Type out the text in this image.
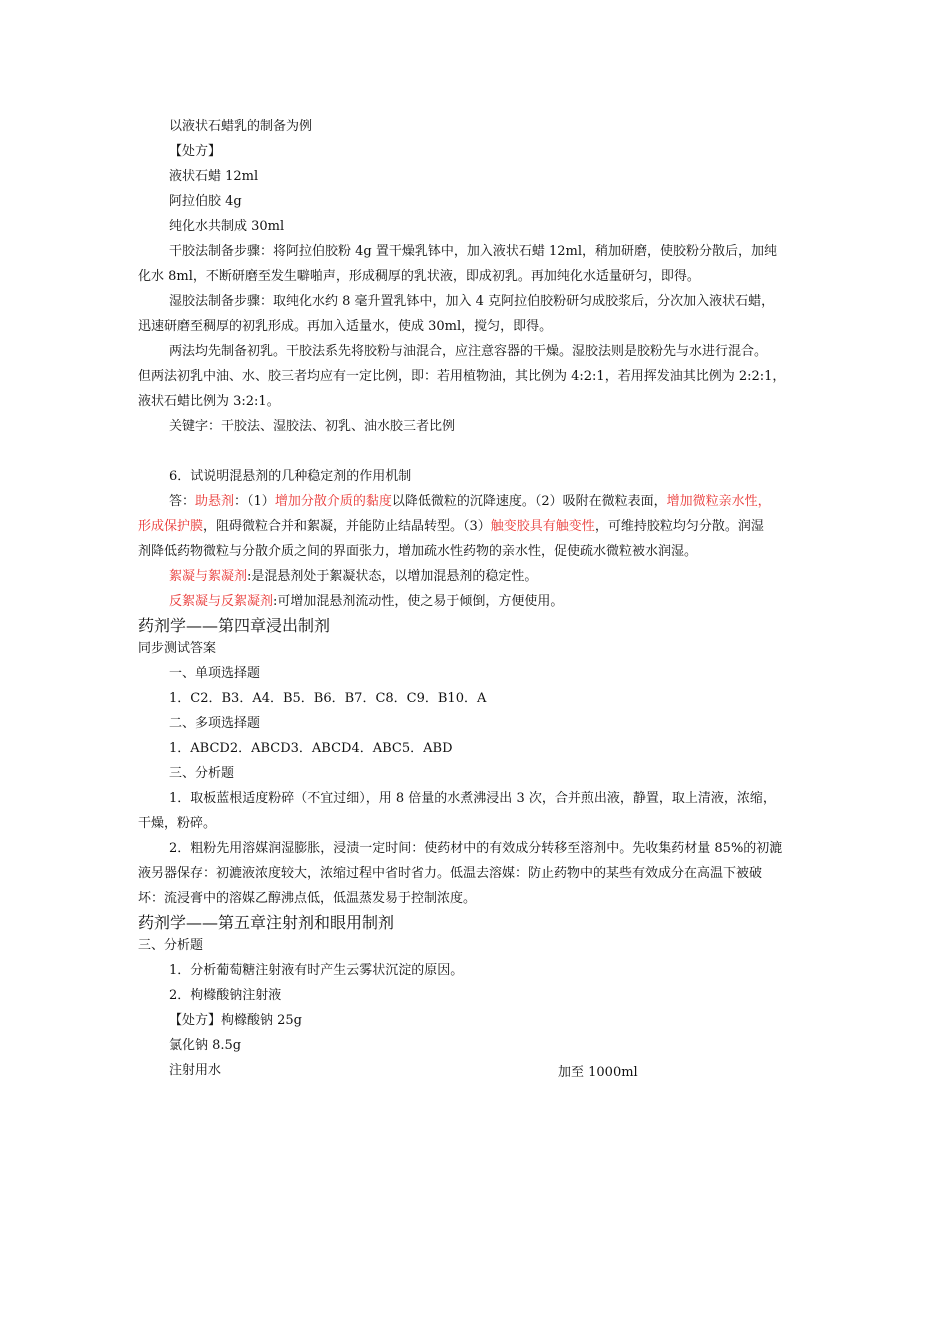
以液状石蜡乳的制备为例
【处方】
液状石蜡 12ml
阿拉伯胶 4g
纯化水共制成 30ml
干胶法制备步骤：将阿拉伯胶粉 4g 置干燥乳钵中，加入液状石蜡 12ml，稍加研磨，使胶粉分散后，加纯
化水 8ml，不断研磨至发生噼啪声，形成稠厚的乳状液，即成初乳。再加纯化水适量研匀，即得。
湿胶法制备步骤：取纯化水约 8 毫升置乳钵中，加入 4 克阿拉伯胶粉研匀成胶浆后，分次加入液状石蜡，
迅速研磨至稠厚的初乳形成。再加入适量水，使成 30ml，搅匀，即得。
两法均先制备初乳。干胶法系先将胶粉与油混合，应注意容器的干燥。湿胶法则是胶粉先与水进行混合。
但两法初乳中油、水、胶三者均应有一定比例，即：若用植物油，其比例为 4:2:1，若用挥发油其比例为 2:2:1，
液状石蜡比例为 3:2:1。
关键字：干胶法、湿胶法、初乳、油水胶三者比例
6．试说明混悬剂的几种稳定剂的作用机制
答：助悬剂：（1）增加分散介质的黏度以降低微粒的沉降速度。（2）吸附在微粒表面，增加微粒亲水性，
形成保护膜，阻碍微粒合并和絮凝，并能防止结晶转型。（3）触变胶具有触变性，可维持胶粒均匀分散。润湿
剂降低药物微粒与分散介质之间的界面张力，增加疏水性药物的亲水性，促使疏水微粒被水润湿。
絮凝与絮凝剂:是混悬剂处于絮凝状态，以增加混悬剂的稳定性。
反絮凝与反絮凝剂:可增加混悬剂流动性，使之易于倾倒，方便使用。
药剂学——第四章浸出制剂
同步测试答案
一、单项选择题
1．C2．B3．A4．B5．B6．B7．C8．C9．B10．A
二、多项选择题
1．ABCD2．ABCD3．ABCD4．ABC5．ABD
三、分析题
1．取板蓝根适度粉碎（不宜过细），用 8 倍量的水煮沸浸出 3 次，合并煎出液，静置，取上清液，浓缩，
干燥，粉碎。
2．粗粉先用溶媒润湿膨胀，浸渍一定时间：使药材中的有效成分转移至溶剂中。先收集药材量 85%的初漉
液另器保存：初漉液浓度较大，浓缩过程中省时省力。低温去溶媒：防止药物中的某些有效成分在高温下被破
坏：流浸膏中的溶媒乙醇沸点低，低温蒸发易于控制浓度。
药剂学——第五章注射剂和眼用制剂
三、分析题
1．分析葡萄糖注射液有时产生云雾状沉淀的原因。
2．枸橼酸钠注射液
【处方】枸橼酸钠 25g
氯化钠 8.5g
注射用水	加至 1000ml
